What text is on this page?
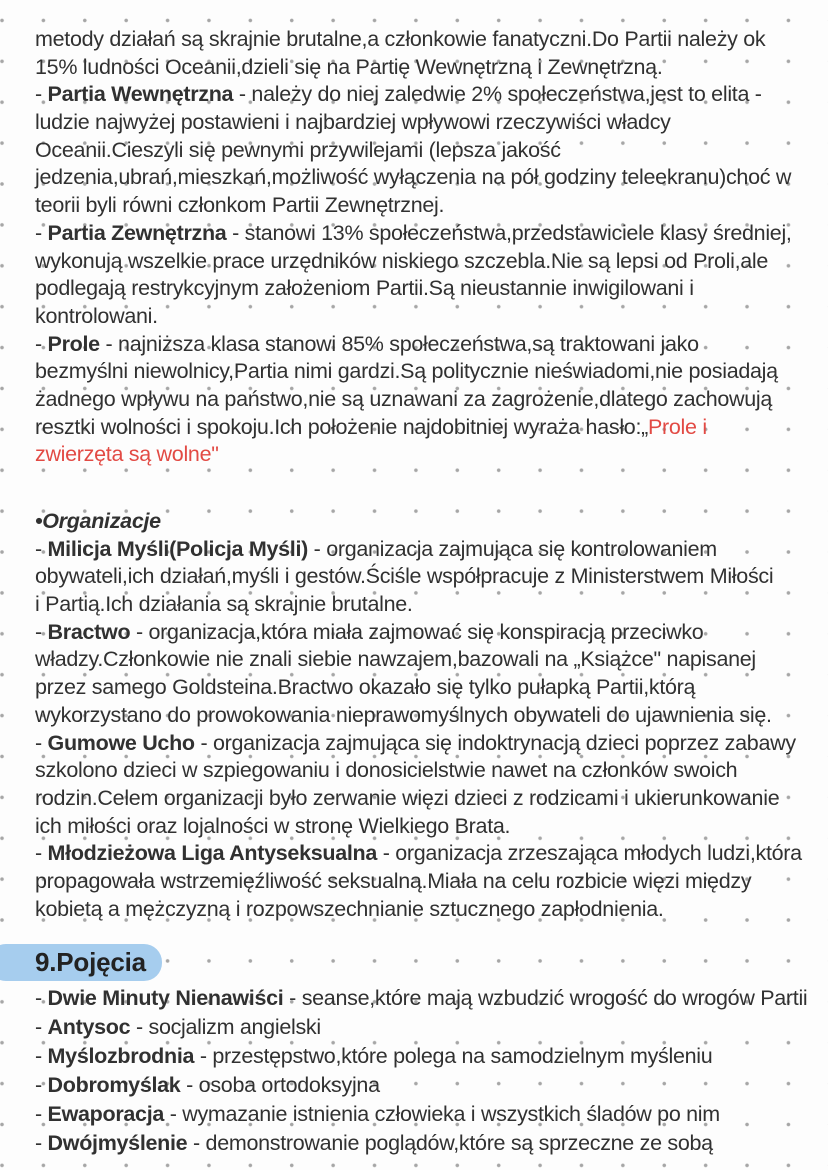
metody działań są skrajnie brutalne,a członkowie fanatyczni.Do Partii należy ok
15% ludności Oceanii,dzieli się na Partię Wewnętrzną i Zewnętrzną.
- Partia Wewnętrzna - należy do niej zaledwie 2% społeczeństwa,jest to elita -
ludzie najwyżej postawieni i najbardziej wpływowi rzeczywiści władcy
Oceanii.Cieszyli się pewnymi przywilejami (lepsza jakość
jedzenia,ubrań,mieszkań,możliwość wyłączenia na pół godziny teleekranu)choć w
teorii byli równi członkom Partii Zewnętrznej.
- Partia Zewnętrzna - stanowi 13% społeczeństwa,przedstawiciele klasy średniej,
wykonują wszelkie prace urzędników niskiego szczebla.Nie są lepsi od Proli,ale
podlegają restrykcyjnym założeniom Partii.Są nieustannie inwigilowani i
kontrolowani.
- Prole - najniższa klasa stanowi 85% społeczeństwa,są traktowani jako
bezmyślni niewolnicy,Partia nimi gardzi.Są politycznie nieświadomi,nie posiadają
żadnego wpływu na państwo,nie są uznawani za zagrożenie,dlatego zachowują
resztki wolności i spokoju.Ich położenie najdobitniej wyraża hasło:„Prole i
zwierzęta są wolne"
•Organizacje
- Milicja Myśli(Policja Myśli) - organizacja zajmująca się kontrolowaniem
obywateli,ich działań,myśli i gestów.Ściśle współpracuje z Ministerstwem Miłości
i Partią.Ich działania są skrajnie brutalne.
- Bractwo - organizacja,która miała zajmować się konspiracją przeciwko
władzy.Członkowie nie znali siebie nawzajem,bazowali na „Książce" napisanej
przez samego Goldsteina.Bractwo okazało się tylko pułapką Partii,którą
wykorzystano do prowokowania nieprawomyślnych obywateli do ujawnienia się.
- Gumowe Ucho - organizacja zajmująca się indoktrynacją dzieci poprzez zabawy
szkolono dzieci w szpiegowaniu i donosicielstwie nawet na członków swoich
rodzin.Celem organizacji było zerwanie więzi dzieci z rodzicami i ukierunkowanie
ich miłości oraz lojalności w stronę Wielkiego Brata.
- Młodzieżowa Liga Antyseksualna - organizacja zrzeszająca młodych ludzi,która
propagowała wstrzemięźliwość seksualną.Miała na celu rozbicie więzi między
kobietą a mężczyzną i rozpowszechnianie sztucznego zapłodnienia.
9.Pojęcia
- Dwie Minuty Nienawiści - seanse,które mają wzbudzić wrogość do wrogów Partii
- Antysoc - socjalizm angielski
- Myślozbrodnia - przestępstwo,które polega na samodzielnym myśleniu
- Dobromyślak - osoba ortodoksyjna
- Ewaporacja - wymazanie istnienia człowieka i wszystkich śladów po nim
- Dwójmyślenie - demonstrowanie poglądów,które są sprzeczne ze sobą
